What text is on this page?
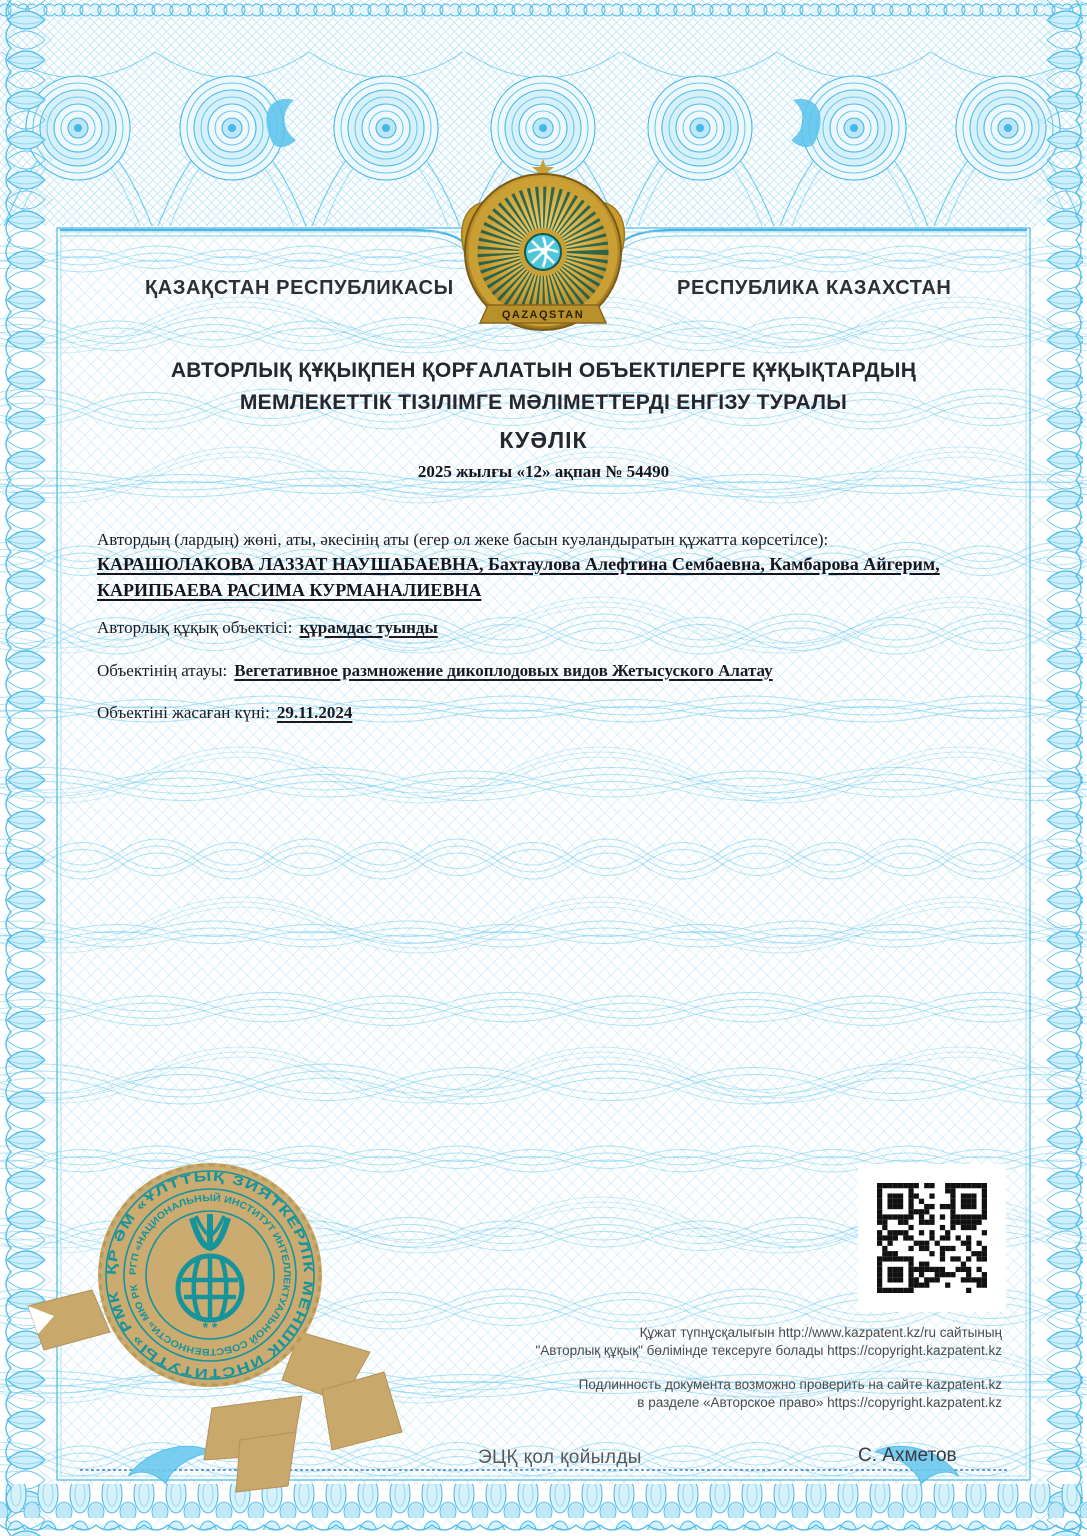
QAZAQSTAN
ҚР ӘМ «ҰЛТТЫҚ ЗИЯТКЕРЛІК МЕНШІК ИНСТИТУТЫ» РМК
РГП «НАЦИОНАЛЬНЫЙ ИНСТИТУТ ИНТЕЛЛЕКТУАЛЬНОЙ СОБСТВЕННОСТИ» МЮ РК
* *
ҚАЗАҚСТАН РЕСПУБЛИКАСЫ	РЕСПУБЛИКА КАЗАХСТАН
АВТОРЛЫҚ ҚҰҚЫҚПЕН ҚОРҒАЛАТЫН ОБЪЕКТІЛЕРГЕ ҚҰҚЫҚТАРДЫҢ
МЕМЛЕКЕТТІК ТІЗІЛІМГЕ МӘЛІМЕТТЕРДІ ЕНГІЗУ ТУРАЛЫ
КУӘЛІК
2025 жылғы «12» ақпан № 54490
Автордың (лардың) жөні, аты, әкесінің аты (егер ол жеке басын куәландыратын құжатта көрсетілсе):
КАРАШОЛАКОВА ЛАЗЗАТ НАУШАБАЕВНА, Бахтаулова Алефтина Сембаевна, Камбарова Айгерим, КАРИПБАЕВА РАСИМА КУРМАНАЛИЕВНА
Авторлық құқық объектісі: құрамдас туынды
Объектінің атауы: Вегетативное размножение дикоплодовых видов Жетысуского Алатау
Объектіні жасаған күні: 29.11.2024
Құжат түпнұсқалығын http://www.kazpatent.kz/ru сайтының
"Авторлық құқық" бөлімінде тексеруге болады https://copyright.kazpatent.kz
Подлинность документа возможно проверить на сайте kazpatent.kz
в разделе «Авторское право» https://copyright.kazpatent.kz
ЭЦҚ қол қойылды	С. Ахметов
